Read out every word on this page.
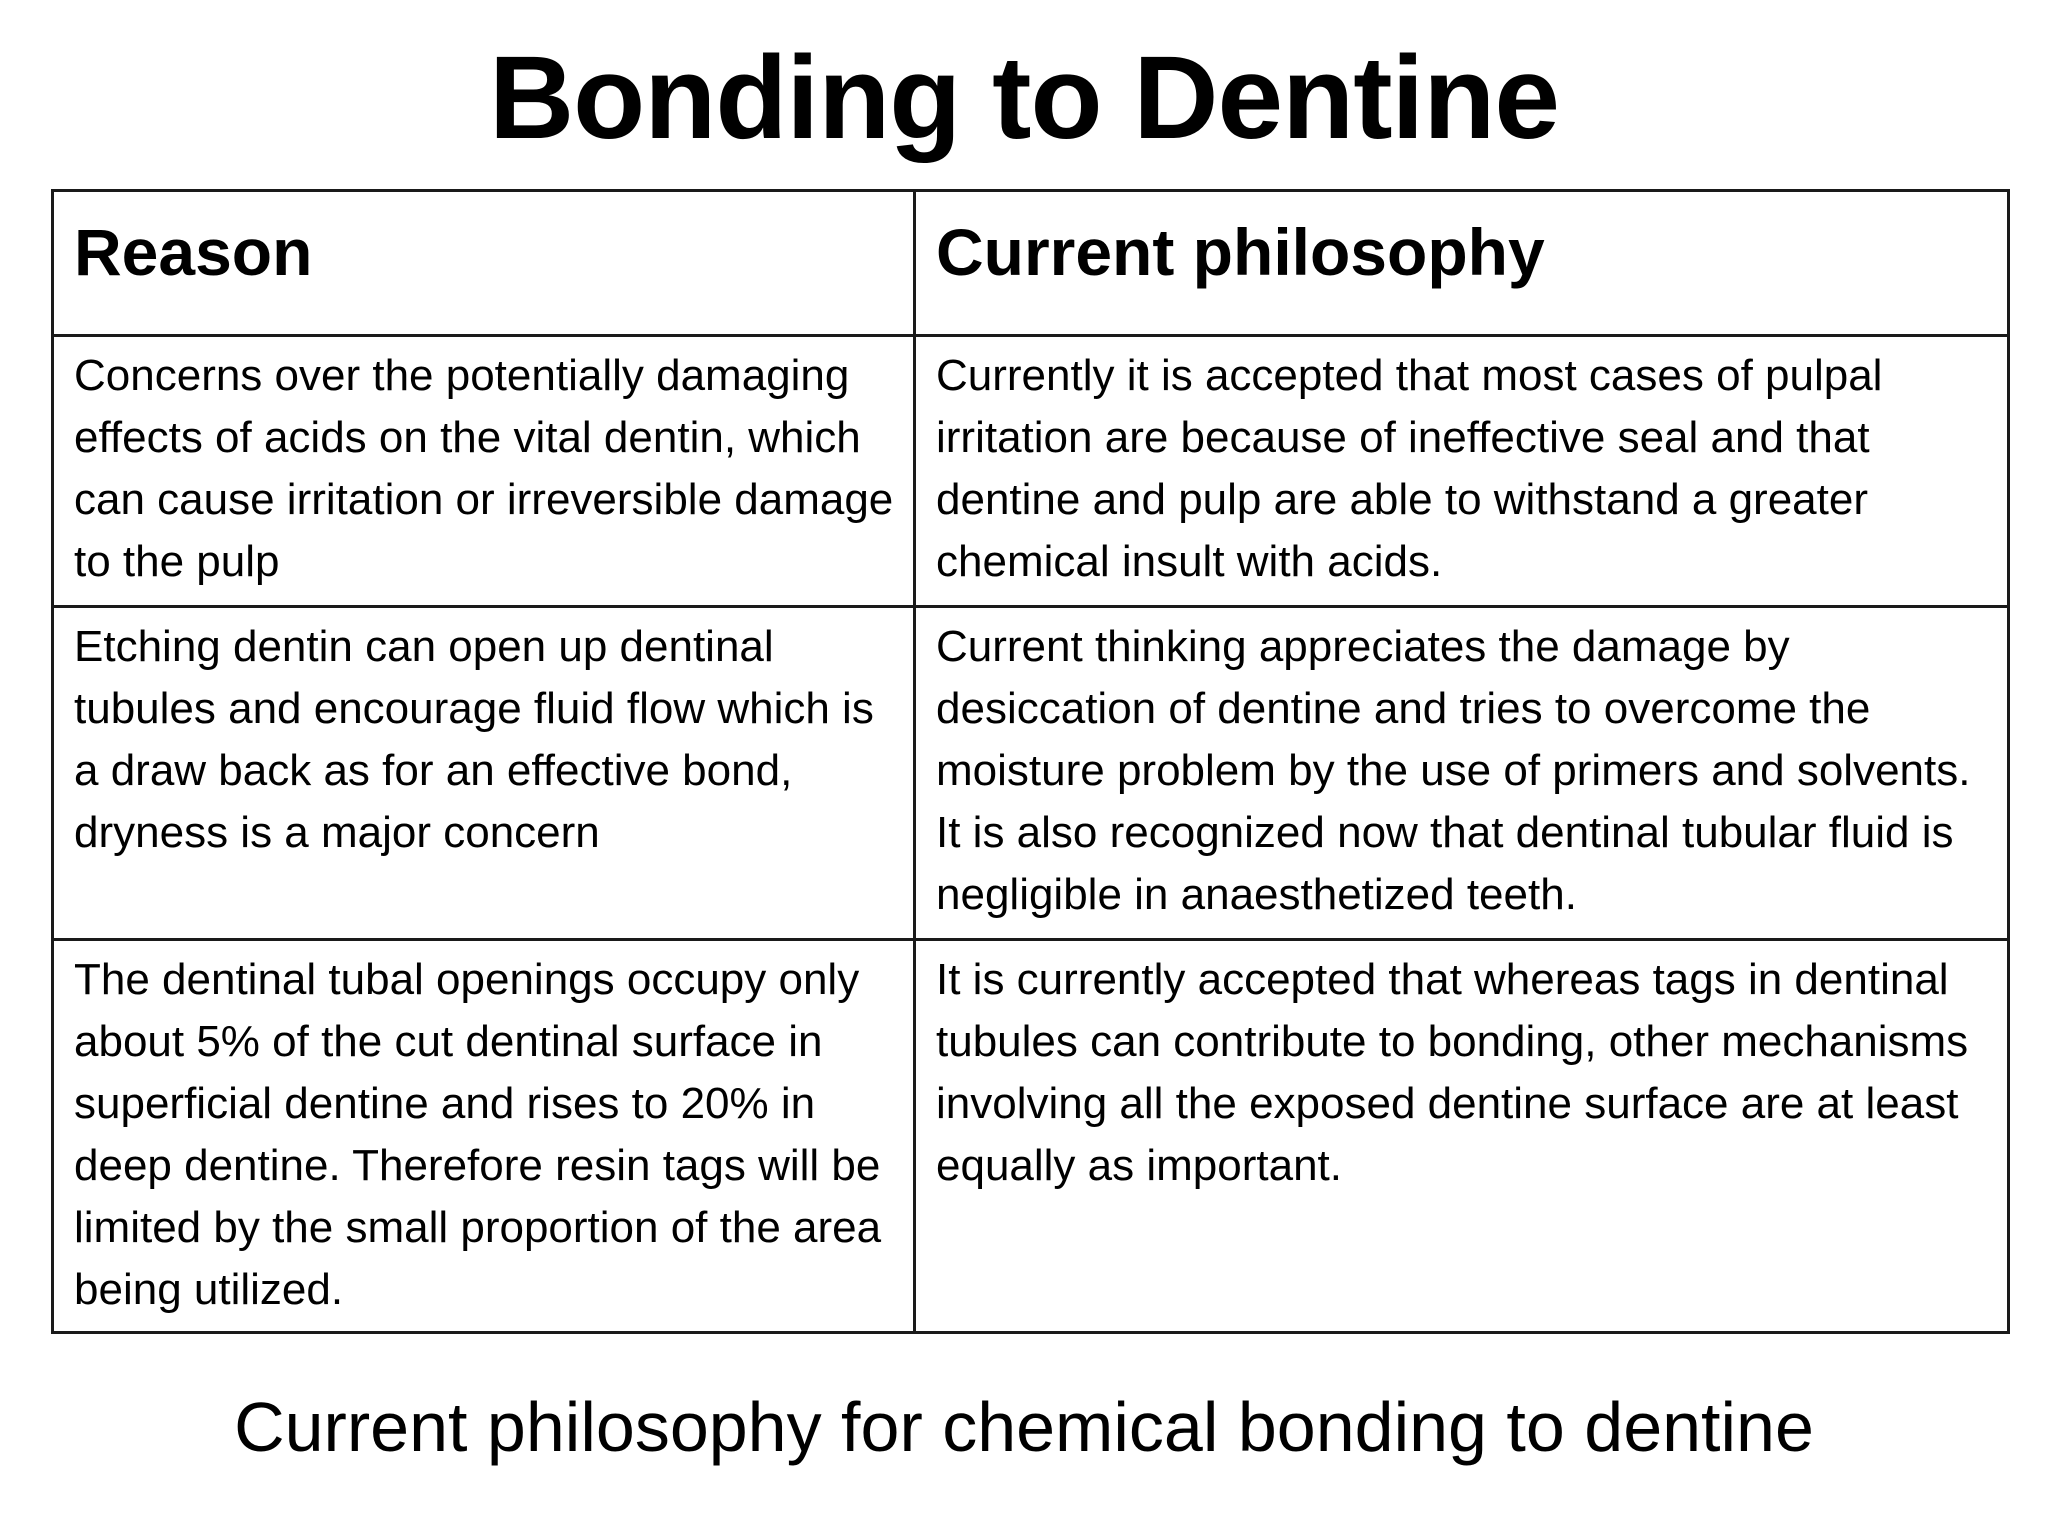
Bonding to Dentine
Reason	Current philosophy
Concerns over the potentially damaging effects of acids on the vital dentin, which can cause irritation or irreversible damage to the pulp	Currently it is accepted that most cases of pulpal irritation are because of ineffective seal and that dentine and pulp are able to withstand a greater chemical insult with acids.
Etching dentin can open up dentinal tubules and encourage fluid flow which is a draw back as for an effective bond, dryness is a major concern	Current thinking appreciates the damage by desiccation of dentine and tries to overcome the moisture problem by the use of primers and solvents. It is also recognized now that dentinal tubular fluid is negligible in anaesthetized teeth.
The dentinal tubal openings occupy only about 5% of the cut dentinal surface in superficial dentine and rises to 20% in deep dentine. Therefore resin tags will be limited by the small proportion of the area being utilized.	It is currently accepted that whereas tags in dentinal tubules can contribute to bonding, other mechanisms involving all the exposed dentine surface are at least equally as important.
Current philosophy for chemical bonding to dentine
